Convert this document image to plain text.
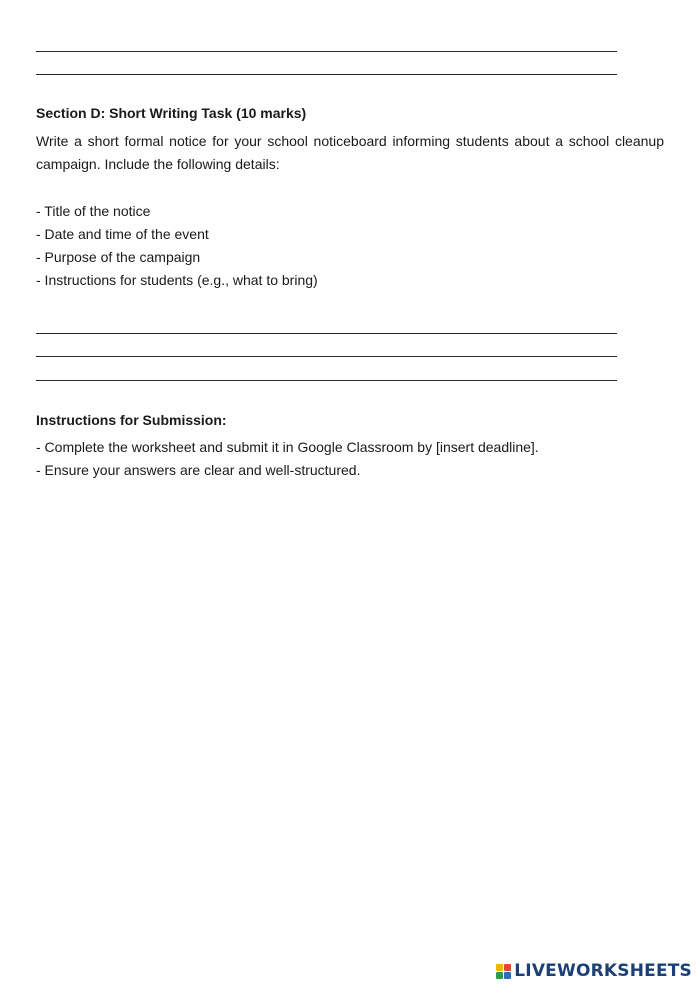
Section D: Short Writing Task (10 marks)

Write a short formal notice for your school noticeboard informing students about a school cleanup campaign. Include the following details:

- Title of the notice
- Date and time of the event
- Purpose of the campaign
- Instructions for students (e.g., what to bring)
Instructions for Submission:
- Complete the worksheet and submit it in Google Classroom by [insert deadline].
- Ensure your answers are clear and well-structured.
LIVEWORKSHEETS
